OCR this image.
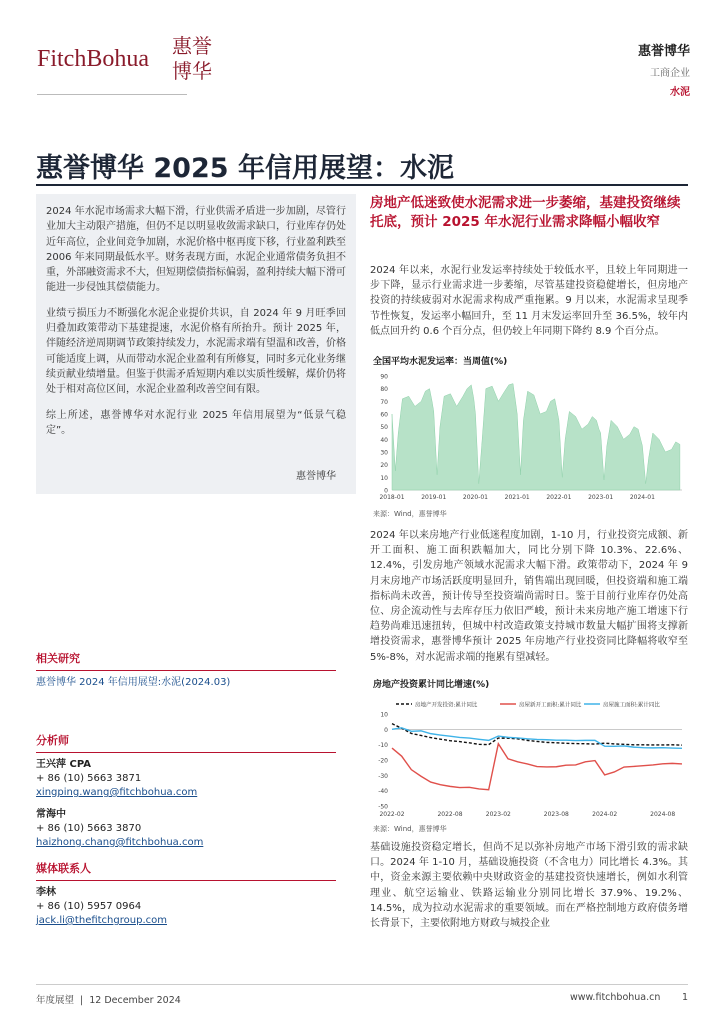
FitchBohua 惠誉博华
惠誉博华
工商企业
水泥
惠誉博华 2025 年信用展望：水泥

2024 年水泥市场需求大幅下滑，行业供需矛盾进一步加剧，尽管行业加大主动限产措施，但仍不足以明显收敛需求缺口，行业库存仍处近年高位，企业间竞争加剧，水泥价格中枢再度下移，行业盈利跌至 2006 年来同期最低水平。财务表现方面，水泥企业通常债务负担不重，外部融资需求不大，但短期偿债指标偏弱，盈利持续大幅下滑可能进一步侵蚀其偿债能力。

业绩亏损压力不断强化水泥企业提价共识，自 2024 年 9 月旺季回归叠加政策带动下基建提速，水泥价格有所抬升。预计 2025 年，伴随经济逆周期调节政策持续发力，水泥需求端有望温和改善，价格可能适度上调，从而带动水泥企业盈利有所修复，同时多元化业务继续贡献业绩增量。但鉴于供需矛盾短期内难以实质性缓解，煤价仍将处于相对高位区间，水泥企业盈利改善空间有限。

综上所述，惠誉博华对水泥行业 2025 年信用展望为“低景气稳定”。

惠誉博华
相关研究
惠誉博华 2024 年信用展望:水泥(2024.03)
分析师
王兴萍 CPA
+ 86 (10) 5663 3871
xingping.wang@fitchbohua.com
常海中
+ 86 (10) 5663 3870
haizhong.chang@fitchbohua.com
媒体联系人
李林
+ 86 (10) 5957 0964
jack.li@thefitchgroup.com
房地产低迷致使水泥需求进一步萎缩，基建投资继续托底，预计 2025 年水泥行业需求降幅小幅收窄
2024 年以来，水泥行业发运率持续处于较低水平，且较上年同期进一步下降，显示行业需求进一步萎缩，尽管基建投资稳健增长，但房地产投资的持续疲弱对水泥需求构成严重拖累。9 月以来，水泥需求呈现季节性恢复，发运率小幅回升，至 11 月末发运率回升至 36.5%，较年内低点回升约 0.6 个百分点，但仍较上年同期下降约 8.9 个百分点。
全国平均水泥发运率：当周值(%)
0
10
20
30
40
50
60
70
80
90
2018-01	2019-01	2020-01	2021-01	2022-01	2023-01	2024-01
来源：Wind，惠誉博华
2024 年以来房地产行业低迷程度加剧，1-10 月，行业投资完成额、新开工面积、施工面积跌幅加大，同比分别下降 10.3%、22.6%、12.4%，引发房地产领域水泥需求大幅下滑。政策带动下，2024 年 9 月末房地产市场活跃度明显回升，销售端出现回暖，但投资端和施工端指标尚未改善，预计传导至投资端尚需时日。鉴于目前行业库存仍处高位、房企流动性与去库存压力依旧严峻，预计未来房地产施工增速下行趋势尚难迅速扭转，但城中村改造政策支持城市数量大幅扩围将支撑新增投资需求，惠誉博华预计 2025 年房地产行业投资同比降幅将收窄至 5%-8%，对水泥需求端的拖累有望减轻。
房地产投资累计同比增速(%)
房地产开发投资:累计同比	房屋新开工面积:累计同比	房屋施工面积:累计同比
10
0
-10
-20
-30
-40
-50
2022-02	2022-08	2023-02	2023-08	2024-02	2024-08
来源：Wind，惠誉博华
基础设施投资稳定增长，但尚不足以弥补房地产市场下滑引致的需求缺口。2024 年 1-10 月，基础设施投资（不含电力）同比增长 4.3%。其中，资金来源主要依赖中央财政资金的基建投资快速增长，例如水利管理业、航空运输业、铁路运输业分别同比增长 37.9%、19.2%、14.5%，成为拉动水泥需求的重要领域。而在严格控制地方政府债务增长背景下，主要依附地方财政与城投企业
年度展望 | 12 December 2024	www.fitchbohua.cn 1
